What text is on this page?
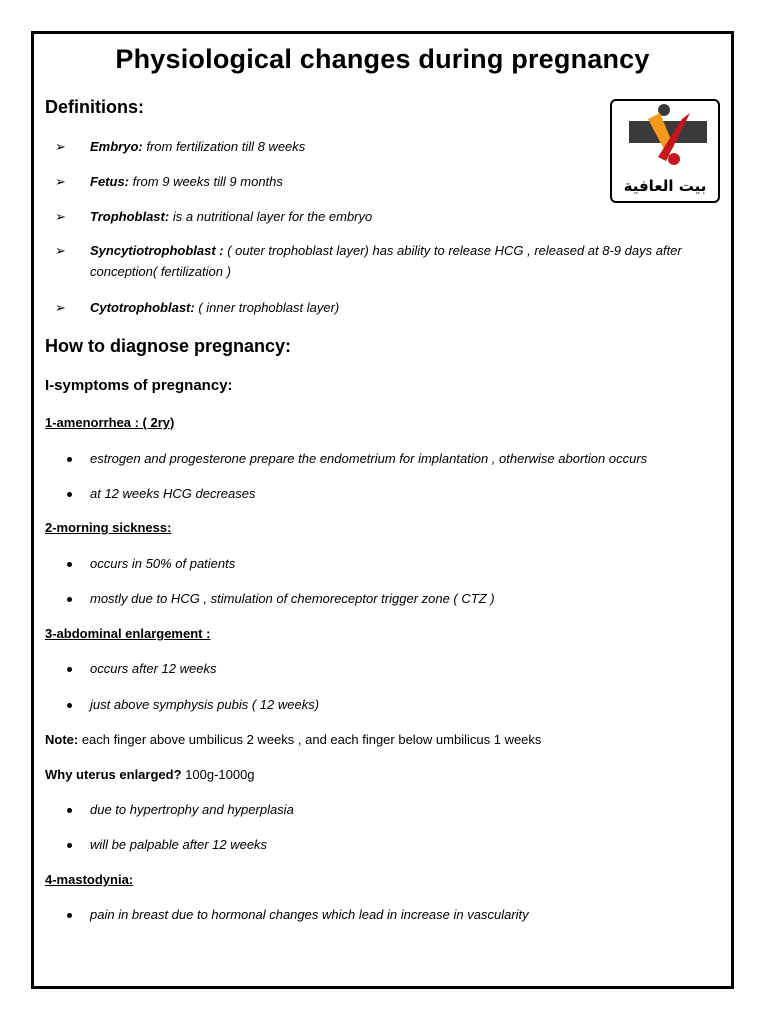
Physiological changes during pregnancy
بيت العافية
Definitions:
➢ Embryo: from fertilization till 8 weeks
➢ Fetus: from 9 weeks till 9 months
➢ Trophoblast: is a nutritional layer for the embryo
➢ Syncytiotrophoblast : ( outer trophoblast layer) has ability to release HCG , released at 8-9 days after conception( fertilization )
➢ Cytotrophoblast: ( inner trophoblast layer)
How to diagnose pregnancy:
I-symptoms of pregnancy:
1-amenorrhea : ( 2ry)
estrogen and progesterone prepare the endometrium for implantation , otherwise abortion occurs
at 12 weeks HCG decreases
2-morning sickness:
occurs in 50% of patients
mostly due to HCG , stimulation of chemoreceptor trigger zone ( CTZ )
3-abdominal enlargement :
occurs after 12 weeks
just above symphysis pubis ( 12 weeks)
Note: each finger above umbilicus 2 weeks , and each finger below umbilicus 1 weeks
Why uterus enlarged? 100g-1000g
due to hypertrophy and hyperplasia
will be palpable after 12 weeks
4-mastodynia:
pain in breast due to hormonal changes which lead in increase in vascularity
